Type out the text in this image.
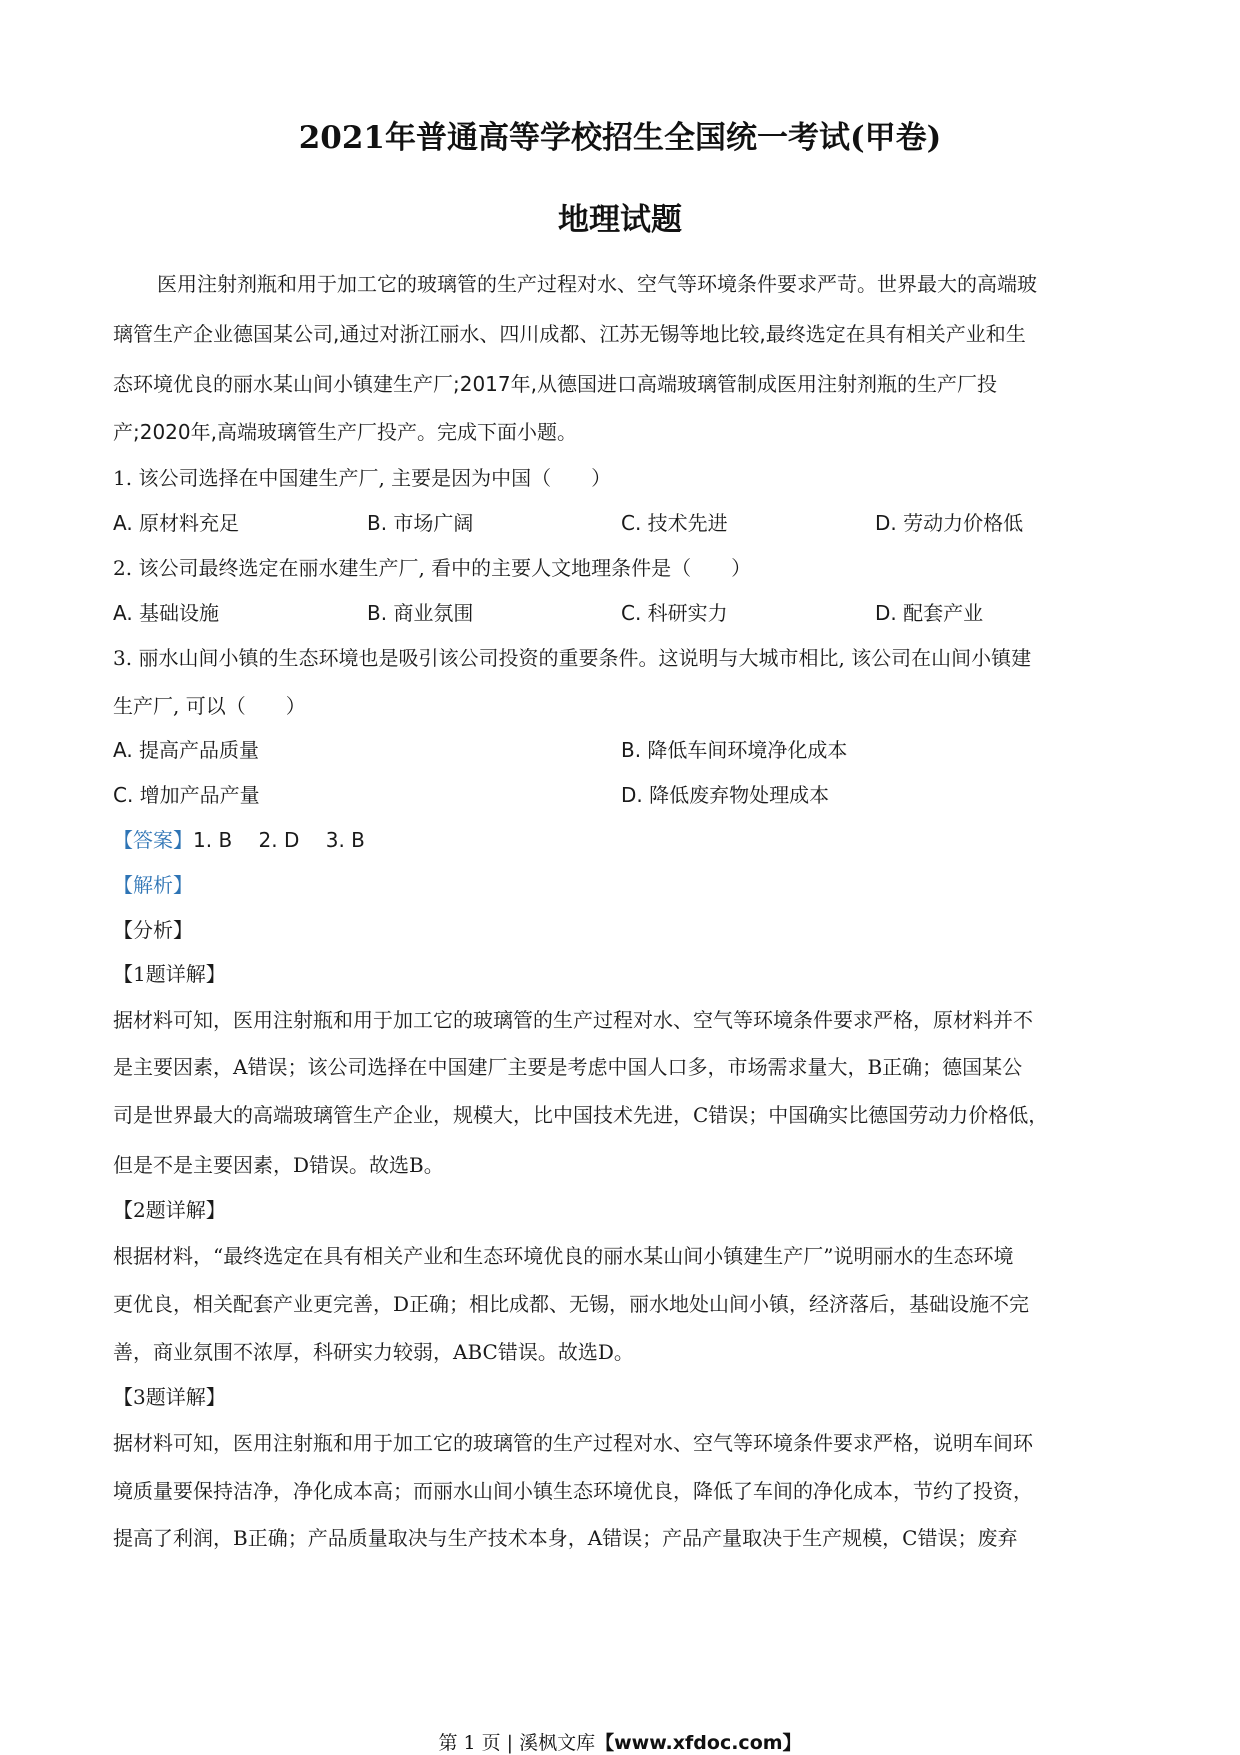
2021年普通高等学校招生全国统一考试(甲卷)
地理试题
医用注射剂瓶和用于加工它的玻璃管的生产过程对水、空气等环境条件要求严苛。世界最大的高端玻
璃管生产企业德国某公司,通过对浙江丽水、四川成都、江苏无锡等地比较,最终选定在具有相关产业和生
态环境优良的丽水某山间小镇建生产厂;2017年,从德国进口高端玻璃管制成医用注射剂瓶的生产厂投
产;2020年,高端玻璃管生产厂投产。完成下面小题。
1. 该公司选择在中国建生产厂, 主要是因为中国（　　）
A. 原材料充足	B. 市场广阔	C. 技术先进	D. 劳动力价格低
2. 该公司最终选定在丽水建生产厂, 看中的主要人文地理条件是（　　）
A. 基础设施	B. 商业氛围	C. 科研实力	D. 配套产业
3. 丽水山间小镇的生态环境也是吸引该公司投资的重要条件。这说明与大城市相比, 该公司在山间小镇建
生产厂, 可以（　　）
A. 提高产品质量	B. 降低车间环境净化成本
C. 增加产品产量	D. 降低废弃物处理成本
【答案】1. B　 2. D　 3. B
【解析】
【分析】
【1题详解】
据材料可知，医用注射瓶和用于加工它的玻璃管的生产过程对水、空气等环境条件要求严格，原材料并不
是主要因素，A错误；该公司选择在中国建厂主要是考虑中国人口多，市场需求量大，B正确；德国某公
司是世界最大的高端玻璃管生产企业，规模大，比中国技术先进，C错误；中国确实比德国劳动力价格低，
但是不是主要因素，D错误。故选B。
【2题详解】
根据材料，“最终选定在具有相关产业和生态环境优良的丽水某山间小镇建生产厂”说明丽水的生态环境
更优良，相关配套产业更完善，D正确；相比成都、无锡，丽水地处山间小镇，经济落后，基础设施不完
善，商业氛围不浓厚，科研实力较弱，ABC错误。故选D。
【3题详解】
据材料可知，医用注射瓶和用于加工它的玻璃管的生产过程对水、空气等环境条件要求严格，说明车间环
境质量要保持洁净，净化成本高；而丽水山间小镇生态环境优良，降低了车间的净化成本，节约了投资，
提高了利润，B正确；产品质量取决与生产技术本身，A错误；产品产量取决于生产规模，C错误；废弃
第 1 页 | 溪枫文库【www.xfdoc.com】
